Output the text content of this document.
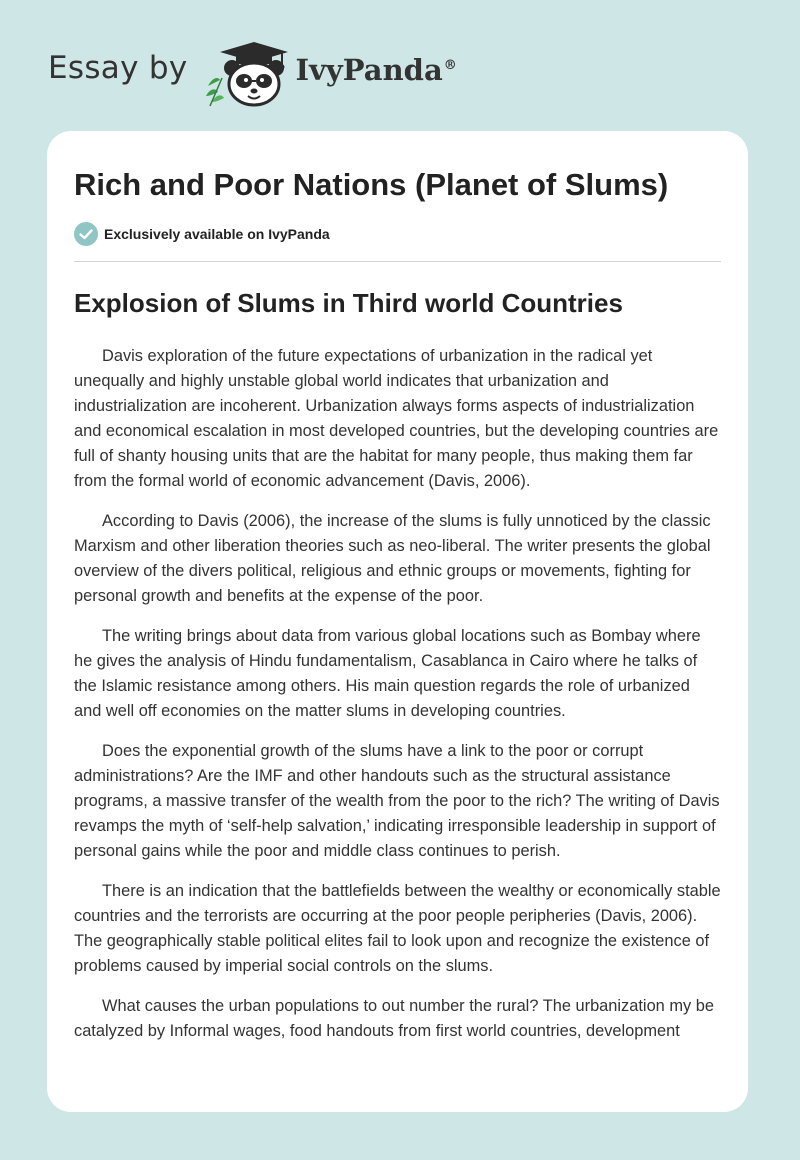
Essay by	IvyPanda®
Rich and Poor Nations (Planet of Slums)
Exclusively available on IvyPanda
Explosion of Slums in Third world Countries

Davis exploration of the future expectations of urbanization in the radical yet unequally and highly unstable global world indicates that urbanization and industrialization are incoherent. Urbanization always forms aspects of industrialization and economical escalation in most developed countries, but the developing countries are full of shanty housing units that are the habitat for many people, thus making them far from the formal world of economic advancement (Davis, 2006).

According to Davis (2006), the increase of the slums is fully unnoticed by the classic Marxism and other liberation theories such as neo-liberal. The writer presents the global overview of the divers political, religious and ethnic groups or movements, fighting for personal growth and benefits at the expense of the poor.

The writing brings about data from various global locations such as Bombay where he gives the analysis of Hindu fundamentalism, Casablanca in Cairo where he talks of the Islamic resistance among others. His main question regards the role of urbanized and well off economies on the matter slums in developing countries.

Does the exponential growth of the slums have a link to the poor or corrupt administrations? Are the IMF and other handouts such as the structural assistance programs, a massive transfer of the wealth from the poor to the rich? The writing of Davis revamps the myth of ‘self-help salvation,’ indicating irresponsible leadership in support of personal gains while the poor and middle class continues to perish.

There is an indication that the battlefields between the wealthy or economically stable countries and the terrorists are occurring at the poor people peripheries (Davis, 2006). The geographically stable political elites fail to look upon and recognize the existence of problems caused by imperial social controls on the slums.

What causes the urban populations to out number the rural? The urbanization my be catalyzed by Informal wages, food handouts from first world countries, development
